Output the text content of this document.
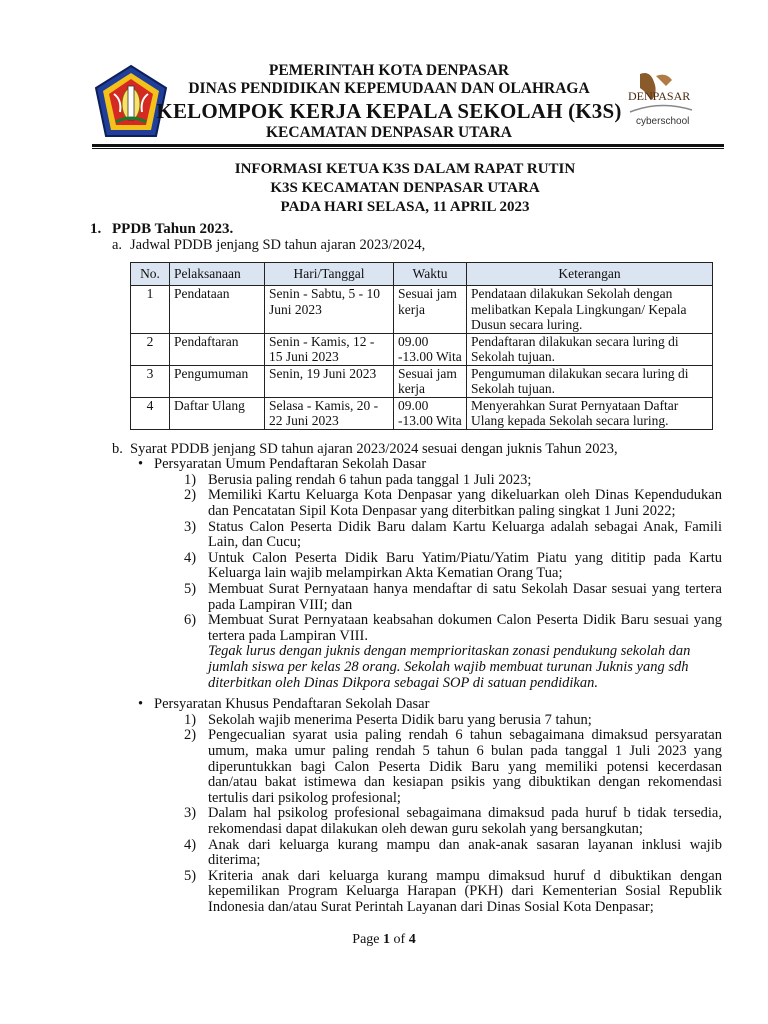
PEMERINTAH KOTA DENPASAR
DINAS PENDIDIKAN KEPEMUDAAN DAN OLAHRAGA
KELOMPOK KERJA KEPALA SEKOLAH (K3S)
KECAMATAN DENPASAR UTARA
DENPASAR
cyberschool
INFORMASI KETUA K3S DALAM RAPAT RUTIN
K3S KECAMATAN DENPASAR UTARA
PADA HARI SELASA, 11 APRIL 2023
1. PPDB Tahun 2023.
a. Jadwal PDDB jenjang SD tahun ajaran 2023/2024,
No.	Pelaksanaan	Hari/Tanggal	Waktu	Keterangan
1	Pendataan	Senin - Sabtu, 5 - 10 Juni 2023	Sesuai jam kerja	Pendataan dilakukan Sekolah dengan melibatkan Kepala Lingkungan/ Kepala Dusun secara luring.
2	Pendaftaran	Senin - Kamis, 12 - 15 Juni 2023	09.00 -13.00 Wita	Pendaftaran dilakukan secara luring di Sekolah tujuan.
3	Pengumuman	Senin, 19 Juni 2023	Sesuai jam kerja	Pengumuman dilakukan secara luring di Sekolah tujuan.
4	Daftar Ulang	Selasa - Kamis, 20 - 22 Juni 2023	09.00 -13.00 Wita	Menyerahkan Surat Pernyataan Daftar Ulang kepada Sekolah secara luring.
b. Syarat PDDB jenjang SD tahun ajaran 2023/2024 sesuai dengan juknis Tahun 2023,
• Persyaratan Umum Pendaftaran Sekolah Dasar
1) Berusia paling rendah 6 tahun pada tanggal 1 Juli 2023;
2) Memiliki Kartu Keluarga Kota Denpasar yang dikeluarkan oleh Dinas Kependudukan dan Pencatatan Sipil Kota Denpasar yang diterbitkan paling singkat 1 Juni 2022;
3) Status Calon Peserta Didik Baru dalam Kartu Keluarga adalah sebagai Anak, Famili Lain, dan Cucu;
4) Untuk Calon Peserta Didik Baru Yatim/Piatu/Yatim Piatu yang dititip pada Kartu Keluarga lain wajib melampirkan Akta Kematian Orang Tua;
5) Membuat Surat Pernyataan hanya mendaftar di satu Sekolah Dasar sesuai yang tertera pada Lampiran VIII; dan
6) Membuat Surat Pernyataan keabsahan dokumen Calon Peserta Didik Baru sesuai yang tertera pada Lampiran VIII.
Tegak lurus dengan juknis dengan memprioritaskan zonasi pendukung sekolah dan jumlah siswa per kelas 28 orang. Sekolah wajib membuat turunan Juknis yang sdh diterbitkan oleh Dinas Dikpora sebagai SOP di satuan pendidikan.
• Persyaratan Khusus Pendaftaran Sekolah Dasar
1) Sekolah wajib menerima Peserta Didik baru yang berusia 7 tahun;
2) Pengecualian syarat usia paling rendah 6 tahun sebagaimana dimaksud persyaratan umum, maka umur paling rendah 5 tahun 6 bulan pada tanggal 1 Juli 2023 yang diperuntukkan bagi Calon Peserta Didik Baru yang memiliki potensi kecerdasan dan/atau bakat istimewa dan kesiapan psikis yang dibuktikan dengan rekomendasi tertulis dari psikolog profesional;
3) Dalam hal psikolog profesional sebagaimana dimaksud pada huruf b tidak tersedia, rekomendasi dapat dilakukan oleh dewan guru sekolah yang bersangkutan;
4) Anak dari keluarga kurang mampu dan anak-anak sasaran layanan inklusi wajib diterima;
5) Kriteria anak dari keluarga kurang mampu dimaksud huruf d dibuktikan dengan kepemilikan Program Keluarga Harapan (PKH) dari Kementerian Sosial Republik Indonesia dan/atau Surat Perintah Layanan dari Dinas Sosial Kota Denpasar;
Page 1 of 4
